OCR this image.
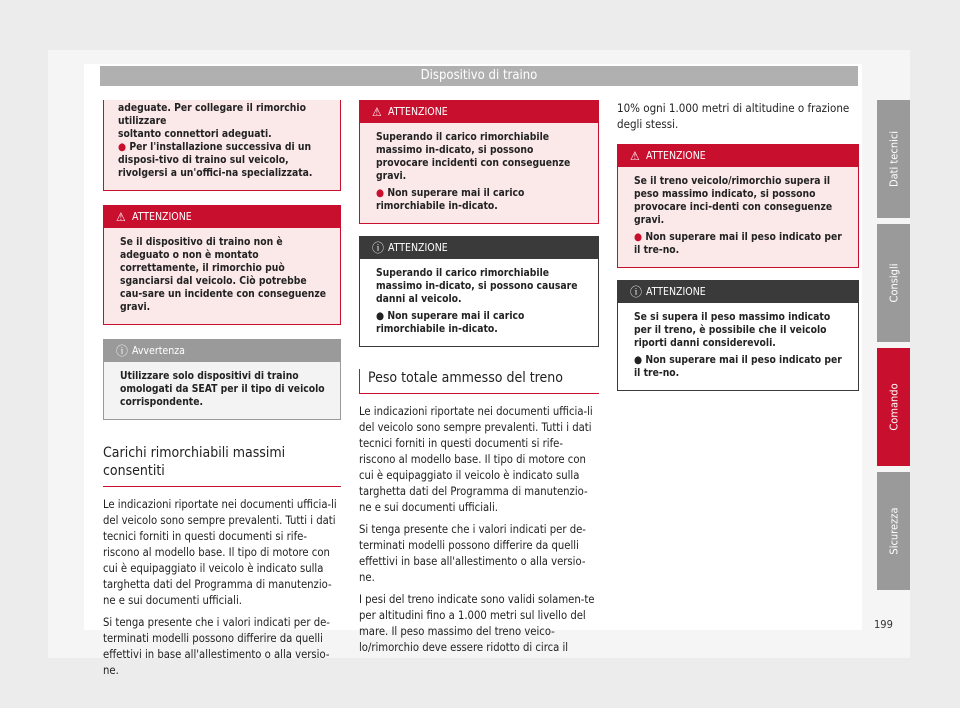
Dispositivo di traino
adeguate. Per collegare il rimorchio utilizzare
soltanto connettori adeguati.
● Per l'installazione successiva di un disposi-tivo di traino sul veicolo, rivolgersi a un'offici-na specializzata.
⚠ ATTENZIONE

Se il dispositivo di traino non è adeguato o non è montato correttamente, il rimorchio può sganciarsi dal veicolo. Ciò potrebbe cau-sare un incidente con conseguenze gravi.

ⓘ Avvertenza

Utilizzare solo dispositivi di traino omologati da SEAT per il tipo di veicolo corrispondente.

Carichi rimorchiabili massimi consentiti

Le indicazioni riportate nei documenti ufficia-li del veicolo sono sempre prevalenti. Tutti i dati tecnici forniti in questi documenti si rife-riscono al modello base. Il tipo di motore con cui è equipaggiato il veicolo è indicato sulla targhetta dati del Programma di manutenzio-ne e sui documenti ufficiali.

Si tenga presente che i valori indicati per de-terminati modelli possono differire da quelli effettivi in base all'allestimento o alla versio-ne.

⚠ ATTENZIONE

Superando il carico rimorchiabile massimo in-dicato, si possono provocare incidenti con conseguenze gravi.

● Non superare mai il carico rimorchiabile in-dicato.

ⓘ ATTENZIONE

Superando il carico rimorchiabile massimo in-dicato, si possono causare danni al veicolo.

● Non superare mai il carico rimorchiabile in-dicato.

Peso totale ammesso del treno

Le indicazioni riportate nei documenti ufficia-li del veicolo sono sempre prevalenti. Tutti i dati tecnici forniti in questi documenti si rife-riscono al modello base. Il tipo di motore con cui è equipaggiato il veicolo è indicato sulla targhetta dati del Programma di manutenzio-ne e sui documenti ufficiali.

Si tenga presente che i valori indicati per de-terminati modelli possono differire da quelli effettivi in base all'allestimento o alla versio-ne.

I pesi del treno indicate sono validi solamen-te per altitudini fino a 1.000 metri sul livello del mare. Il peso massimo del treno veico-lo/rimorchio deve essere ridotto di circa il

10% ogni 1.000 metri di altitudine o frazione degli stessi.

⚠ ATTENZIONE

Se il treno veicolo/rimorchio supera il peso massimo indicato, si possono provocare inci-denti con conseguenze gravi.

● Non superare mai il peso indicato per il tre-no.

ⓘ ATTENZIONE

Se si supera il peso massimo indicato per il treno, è possibile che il veicolo riporti danni considerevoli.

● Non superare mai il peso indicato per il tre-no.

Dati tecnici
Consigli
Comando
Sicurezza
199
